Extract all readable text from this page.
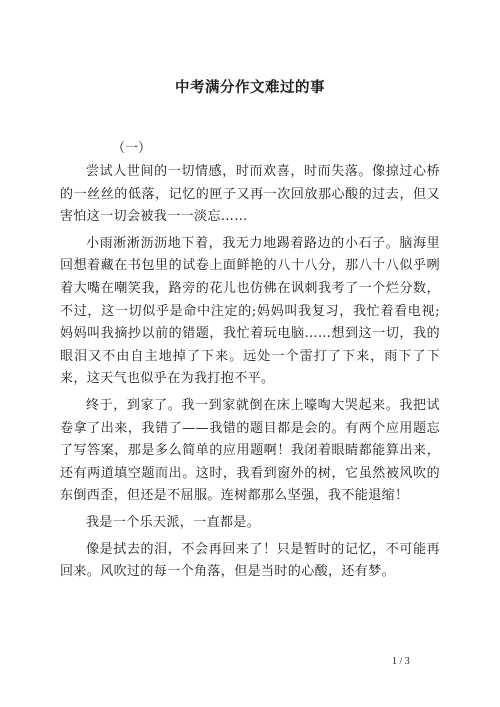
中考满分作文难过的事
（一）

尝试人世间的一切情感，时而欢喜，时而失落。像掠过心桥的一丝丝的低落，记忆的匣子又再一次回放那心酸的过去，但又害怕这一切会被我一一淡忘……

小雨淅淅沥沥地下着，我无力地踢着路边的小石子。脑海里回想着藏在书包里的试卷上面鲜艳的八十八分，那八十八似乎咧着大嘴在嘲笑我，路旁的花儿也仿佛在讽刺我考了一个烂分数，不过，这一切似乎是命中注定的;妈妈叫我复习，我忙着看电视;妈妈叫我摘抄以前的错题，我忙着玩电脑……想到这一切，我的眼泪又不由自主地掉了下来。远处一个雷打了下来，雨下了下来，这天气也似乎在为我打抱不平。

终于，到家了。我一到家就倒在床上嚎啕大哭起来。我把试卷拿了出来，我错了——我错的题目都是会的。有两个应用题忘了写答案，那是多么简单的应用题啊！我闭着眼睛都能算出来，还有两道填空题而出。这时，我看到窗外的树，它虽然被风吹的东倒西歪，但还是不屈服。连树都那么坚强，我不能退缩！

我是一个乐天派，一直都是。

像是拭去的泪，不会再回来了！只是暂时的记忆，不可能再回来。风吹过的每一个角落，但是当时的心酸，还有梦。

1 / 3
